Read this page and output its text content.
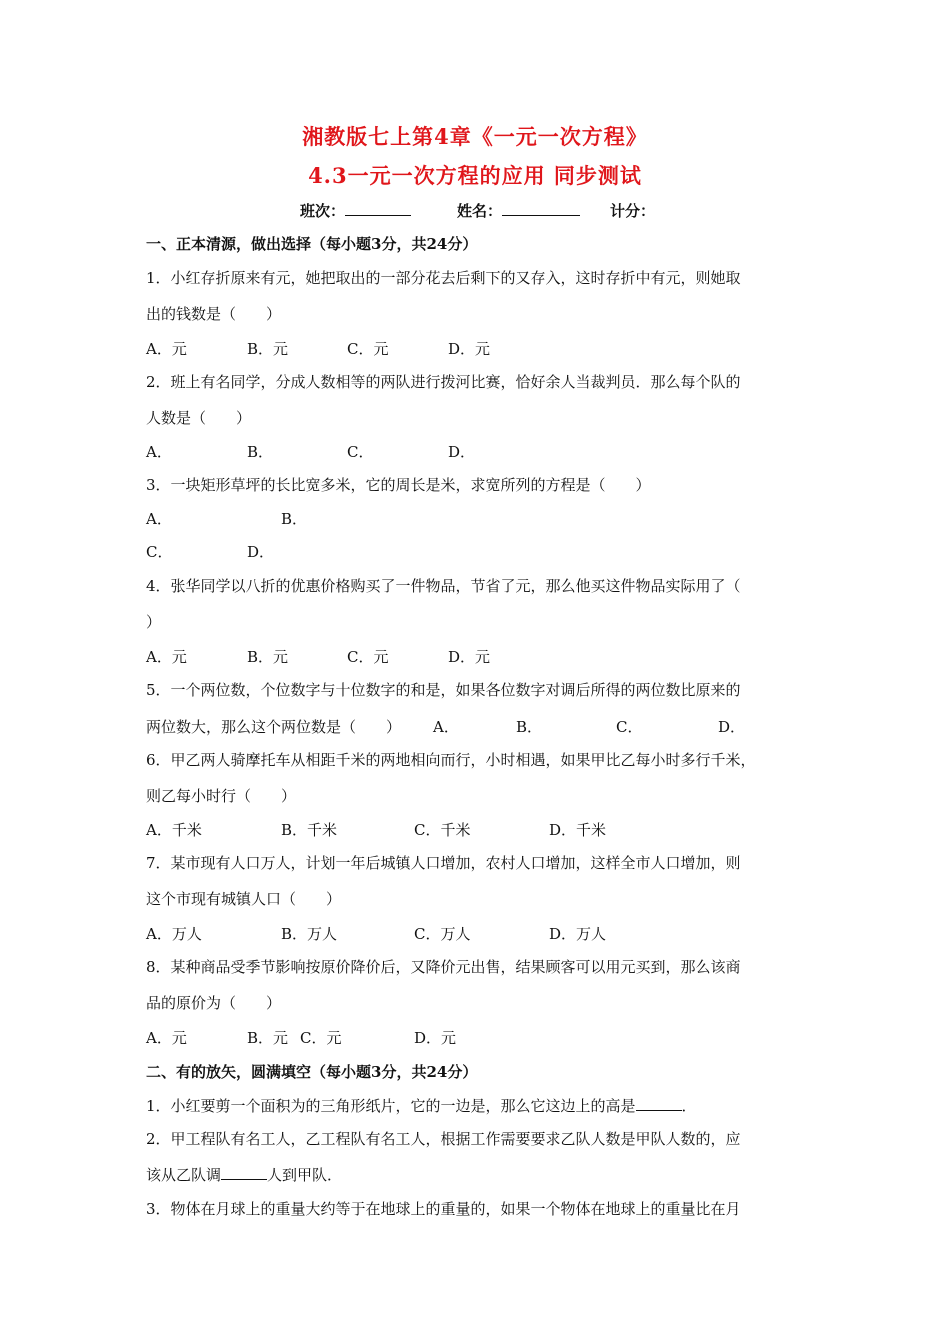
湘教版七上第4章《一元一次方程》
4.3一元一次方程的应用 同步测试
班次：	姓名：	计分：
一、正本清源，做出选择（每小题3分，共24分）
1．小红存折原来有元，她把取出的一部分花去后剩下的又存入，这时存折中有元，则她取
出的钱数是（　　）
A．元	B．元	C．元	D．元
2．班上有名同学，分成人数相等的两队进行拨河比赛，恰好余人当裁判员．那么每个队的
人数是（　　）
A．	B．	C．	D．
3．一块矩形草坪的长比宽多米，它的周长是米，求宽所列的方程是（　　）
A．	B．
C．	D．
4．张华同学以八折的优惠价格购买了一件物品，节省了元，那么他买这件物品实际用了（
）
A．元	B．元	C．元	D．元
5．一个两位数，个位数字与十位数字的和是，如果各位数字对调后所得的两位数比原来的
两位数大，那么这个两位数是（　　） A．	B．	C．	D．
6．甲乙两人骑摩托车从相距千米的两地相向而行，小时相遇，如果甲比乙每小时多行千米，
则乙每小时行（　　）
A．千米	B．千米	C．千米	D．千米
7．某市现有人口万人，计划一年后城镇人口增加，农村人口增加，这样全市人口增加，则
这个市现有城镇人口（　　）
A．万人	B．万人	C．万人	D．万人
8．某种商品受季节影响按原价降价后，又降价元出售，结果顾客可以用元买到，那么该商
品的原价为（　　）
A．元	B．元 C．元	D．元
二、有的放矢，圆满填空（每小题3分，共24分）
1．小红要剪一个面积为的三角形纸片，它的一边是，那么它这边上的高是	．
2．甲工程队有名工人，乙工程队有名工人，根据工作需要要求乙队人数是甲队人数的，应
该从乙队调	人到甲队．
3．物体在月球上的重量大约等于在地球上的重量的，如果一个物体在地球上的重量比在月
